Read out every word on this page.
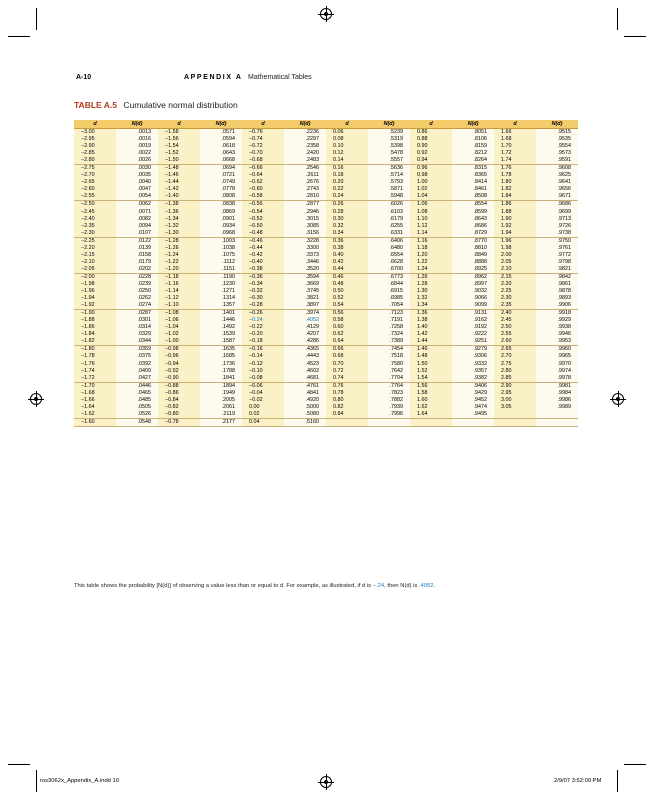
A-10	APPENDIX A Mathematical Tables
TABLE A.5 Cumulative normal distribution
d	N(d)	d	N(d)	d	N(d)	d	N(d)	d	N(d)	d	N(d)
−3.00	.0013	−1.58	.0571	−0.76	.2236	0.06	.5239	0.86	.8051	1.66	.9515
−2.95	.0016	−1.56	.0594	−0.74	.2297	0.08	.5319	0.88	.8106	1.68	.9535
−2.90	.0019	−1.54	.0618	−0.72	.2358	0.10	.5398	0.90	.8159	1.70	.9554
−2.85	.0022	−1.52	.0643	−0.70	.2420	0.12	.5478	0.92	.8212	1.72	.9573
−2.80	.0026	−1.50	.0668	−0.68	.2483	0.14	.5557	0.94	.8264	1.74	.9591
−2.75	.0030	−1.48	.0694	−0.66	.2546	0.16	.5636	0.96	.8315	1.76	.9608
−2.70	.0035	−1.46	.0721	−0.64	.2611	0.18	.5714	0.98	.8365	1.78	.9625
−2.65	.0040	−1.44	.0749	−0.62	.2676	0.20	.5793	1.00	.8414	1.80	.9641
−2.60	.0047	−1.42	.0778	−0.60	.2743	0.22	.5871	1.02	.8461	1.82	.9656
−2.55	.0054	−1.40	.0808	−0.58	.2810	0.24	.5948	1.04	.8508	1.84	.9671
−2.50	.0062	−1.38	.0838	−0.56	.2877	0.26	.6026	1.06	.8554	1.86	.9686
−2.45	.0071	−1.36	.0869	−0.54	.2946	0.28	.6103	1.08	.8599	1.88	.9699
−2.40	.0082	−1.34	.0901	−0.52	.3015	0.30	.6179	1.10	.8643	1.90	.9713
−2.35	.0094	−1.32	.0934	−0.50	.3085	0.32	.6255	1.12	.8686	1.92	.9726
−2.30	.0107	−1.30	.0968	−0.48	.3156	0.34	.6331	1.14	.8729	1.94	.9738
−2.25	.0122	−1.28	.1003	−0.46	.3228	0.36	.6406	1.16	.8770	1.96	.9750
−2.20	.0139	−1.26	.1038	−0.44	.3300	0.38	.6480	1.18	.8810	1.98	.9761
−2.15	.0158	−1.24	.1075	−0.42	.3373	0.40	.6554	1.20	.8849	2.00	.9772
−2.10	.0179	−1.22	.1112	−0.40	.3446	0.42	.6628	1.22	.8888	2.05	.9798
−2.05	.0202	−1.20	.1151	−0.38	.3520	0.44	.6700	1.24	.8925	2.10	.9821
−2.00	.0228	−1.18	.1190	−0.36	.3594	0.46	.6773	1.26	.8962	2.15	.9842
−1.98	.0239	−1.16	.1230	−0.34	.3669	0.48	.6844	1.28	.8997	2.20	.9861
−1.96	.0250	−1.14	.1271	−0.32	.3745	0.50	.6915	1.30	.9032	2.25	.9878
−1.94	.0262	−1.12	.1314	−0.30	.3821	0.52	.6985	1.32	.9066	2.30	.9893
−1.92	.0274	−1.10	.1357	−0.28	.3897	0.54	.7054	1.34	.9099	2.35	.9906
−1.90	.0287	−1.08	.1401	−0.26	.3974	0.56	.7123	1.36	.9131	2.40	.9918
−1.88	.0301	−1.06	.1446	−0.24	.4052	0.58	.7191	1.38	.9162	2.45	.9929
−1.86	.0314	−1.04	.1492	−0.22	.4129	0.60	.7258	1.40	.9192	2.50	.9938
−1.84	.0329	−1.02	.1539	−0.20	.4207	0.62	.7324	1.42	.9222	2.55	.9946
−1.82	.0344	−1.00	.1587	−0.18	.4286	0.64	.7389	1.44	.9251	2.60	.9953
−1.80	.0359	−0.98	.1635	−0.16	.4365	0.66	.7454	1.46	.9279	2.65	.9960
−1.78	.0375	−0.96	.1685	−0.14	.4443	0.68	.7518	1.48	.9306	2.70	.9965
−1.76	.0392	−0.94	.1736	−0.12	.4523	0.70	.7580	1.50	.9332	2.75	.9970
−1.74	.0409	−0.92	.1788	−0.10	.4602	0.72	.7642	1.52	.9357	2.80	.9974
−1.72	.0427	−0.90	.1841	−0.08	.4681	0.74	.7704	1.54	.9382	2.85	.9978
−1.70	.0446	−0.88	.1894	−0.06	.4761	0.76	.7764	1.56	.9406	2.90	.9981
−1.68	.0465	−0.86	.1949	−0.04	.4841	0.78	.7823	1.58	.9429	2.95	.9984
−1.66	.0485	−0.84	.2005	−0.02	.4920	0.80	.7882	1.60	.9452	3.00	.9986
−1.64	.0505	−0.82	.2061	0.00	.5000	0.82	.7939	1.62	.9474	3.05	.9989
−1.62	.0526	−0.80	.2119	0.02	.5080	0.84	.7996	1.64	.9495		
−1.60	.0548	−0.78	.2177	0.04	.5160						
This table shows the probability [N(d)] of observing a value less than or equal to d. For example, as illustrated, if d is −.24, then N(d) is .4052.
ros3062x_Appendix_A.indd 10	2/9/07 3:52:09 PM
